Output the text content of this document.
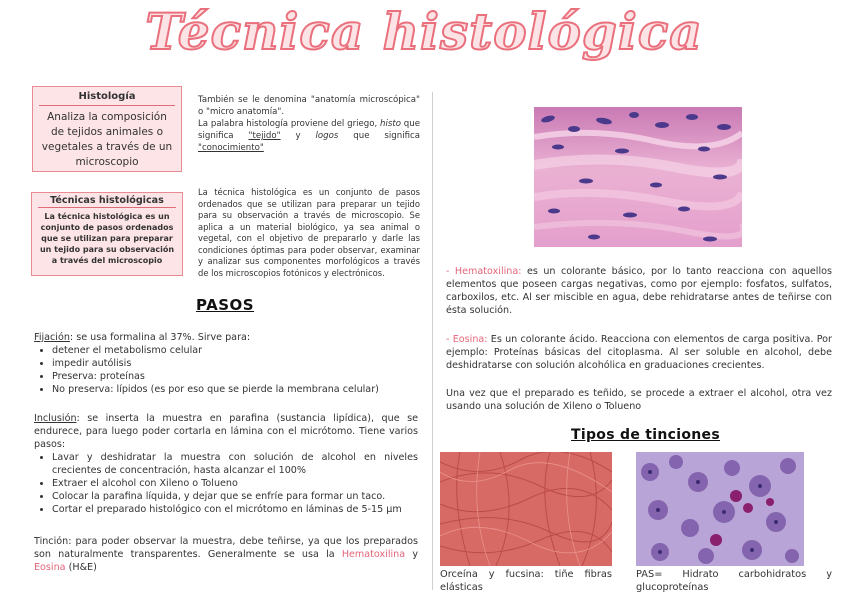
Técnica histológica
Histología
Analiza la composición de tejidos animales o vegetales a través de un microscopio
Técnicas histológicas
La técnica histológica es un conjunto de pasos ordenados que se utilizan para preparar un tejido para su observación a través del microscopio
También se le denomina "anatomía microscópica" o "micro anatomía".
La palabra histología proviene del griego, histo que significa "tejido" y logos que significa "conocimiento"
La técnica histológica es un conjunto de pasos ordenados que se utilizan para preparar un tejido para su observación a través de microscopio. Se aplica a un material biológico, ya sea animal o vegetal, con el objetivo de prepararlo y darle las condiciones óptimas para poder observar, examinar y analizar sus componentes morfológicos a través de los microscopios fotónicos y electrónicos.
PASOS
Fijación: se usa formalina al 37%. Sirve para:
• detener el metabolismo celular
• impedir autólisis
• Preserva: proteínas
• No preserva: lípidos (es por eso que se pierde la membrana celular)
Inclusión: se inserta la muestra en parafina (sustancia lipídica), que se endurece, para luego poder cortarla en lámina con el micrótomo. Tiene varios pasos:
• Lavar y deshidratar la muestra con solución de alcohol en niveles crecientes de concentración, hasta alcanzar el 100%
• Extraer el alcohol con Xileno o Tolueno
• Colocar la parafina líquida, y dejar que se enfríe para formar un taco.
• Cortar el preparado histológico con el micrótomo en láminas de 5-15 μm
Tinción: para poder observar la muestra, debe teñirse, ya que los preparados son naturalmente transparentes. Generalmente se usa la Hematoxilina y Eosina (H&E)
- Hematoxilina: es un colorante básico, por lo tanto reacciona con aquellos elementos que poseen cargas negativas, como por ejemplo: fosfatos, sulfatos, carboxilos, etc. Al ser miscible en agua, debe rehidratarse antes de teñirse con ésta solución.
- Eosina: Es un colorante ácido. Reacciona con elementos de carga positiva. Por ejemplo: Proteínas básicas del citoplasma. Al ser soluble en alcohol, debe deshidratarse con solución alcohólica en graduaciones crecientes.
Una vez que el preparado es teñido, se procede a extraer el alcohol, otra vez usando una solución de Xileno o Tolueno
Tipos de tinciones
Orceína y fucsina: tiñe fibras elásticas
PAS= Hidrato carbohidratos y glucoproteínas
